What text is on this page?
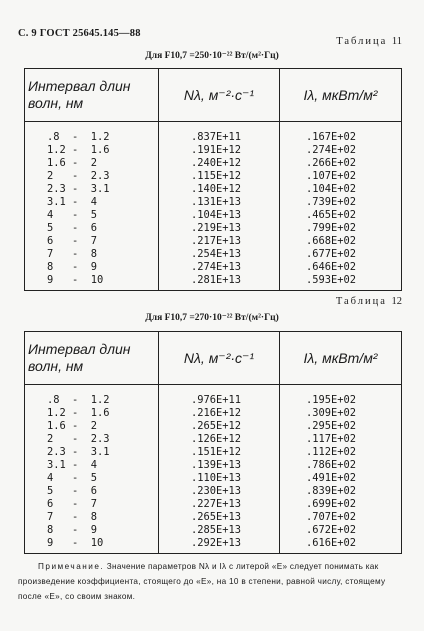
С. 9 ГОСТ 25645.145—88
Таблица 11
Для F10,7 =250·10⁻²² Вт/(м²·Гц)
Интервал длин волн, нм	Nλ, м⁻²·с⁻¹	Iλ, мкВт/м²
.8  -  1.2	.837E+11	.167E+02
1.2 -  1.6	.191E+12	.274E+02
1.6 -  2	.240E+12	.266E+02
2   -  2.3	.115E+12	.107E+02
2.3 -  3.1	.140E+12	.104E+02
3.1 -  4	.131E+13	.739E+02
4   -  5	.104E+13	.465E+02
5   -  6	.219E+13	.799E+02
6   -  7	.217E+13	.668E+02
7   -  8	.254E+13	.677E+02
8   -  9	.274E+13	.646E+02
9   -  10	.281E+13	.593E+02
Таблица 12
Для F10,7 =270·10⁻²² Вт/(м²·Гц)
Интервал длин волн, нм	Nλ, м⁻²·с⁻¹	Iλ, мкВт/м²
.8  -  1.2	.976E+11	.195E+02
1.2 -  1.6	.216E+12	.309E+02
1.6 -  2	.265E+12	.295E+02
2   -  2.3	.126E+12	.117E+02
2.3 -  3.1	.151E+12	.112E+02
3.1 -  4	.139E+13	.786E+02
4   -  5	.110E+13	.491E+02
5   -  6	.230E+13	.839E+02
6   -  7	.227E+13	.699E+02
7   -  8	.265E+13	.707E+02
8   -  9	.285E+13	.672E+02
9   -  10	.292E+13	.616E+02
Примечание. Значение параметров Nλ и Iλ с литерой «Е» следует понимать как произведение коэффициента, стоящего до «Е», на 10 в степени, равной числу, стоящему после «Е», со своим знаком.
